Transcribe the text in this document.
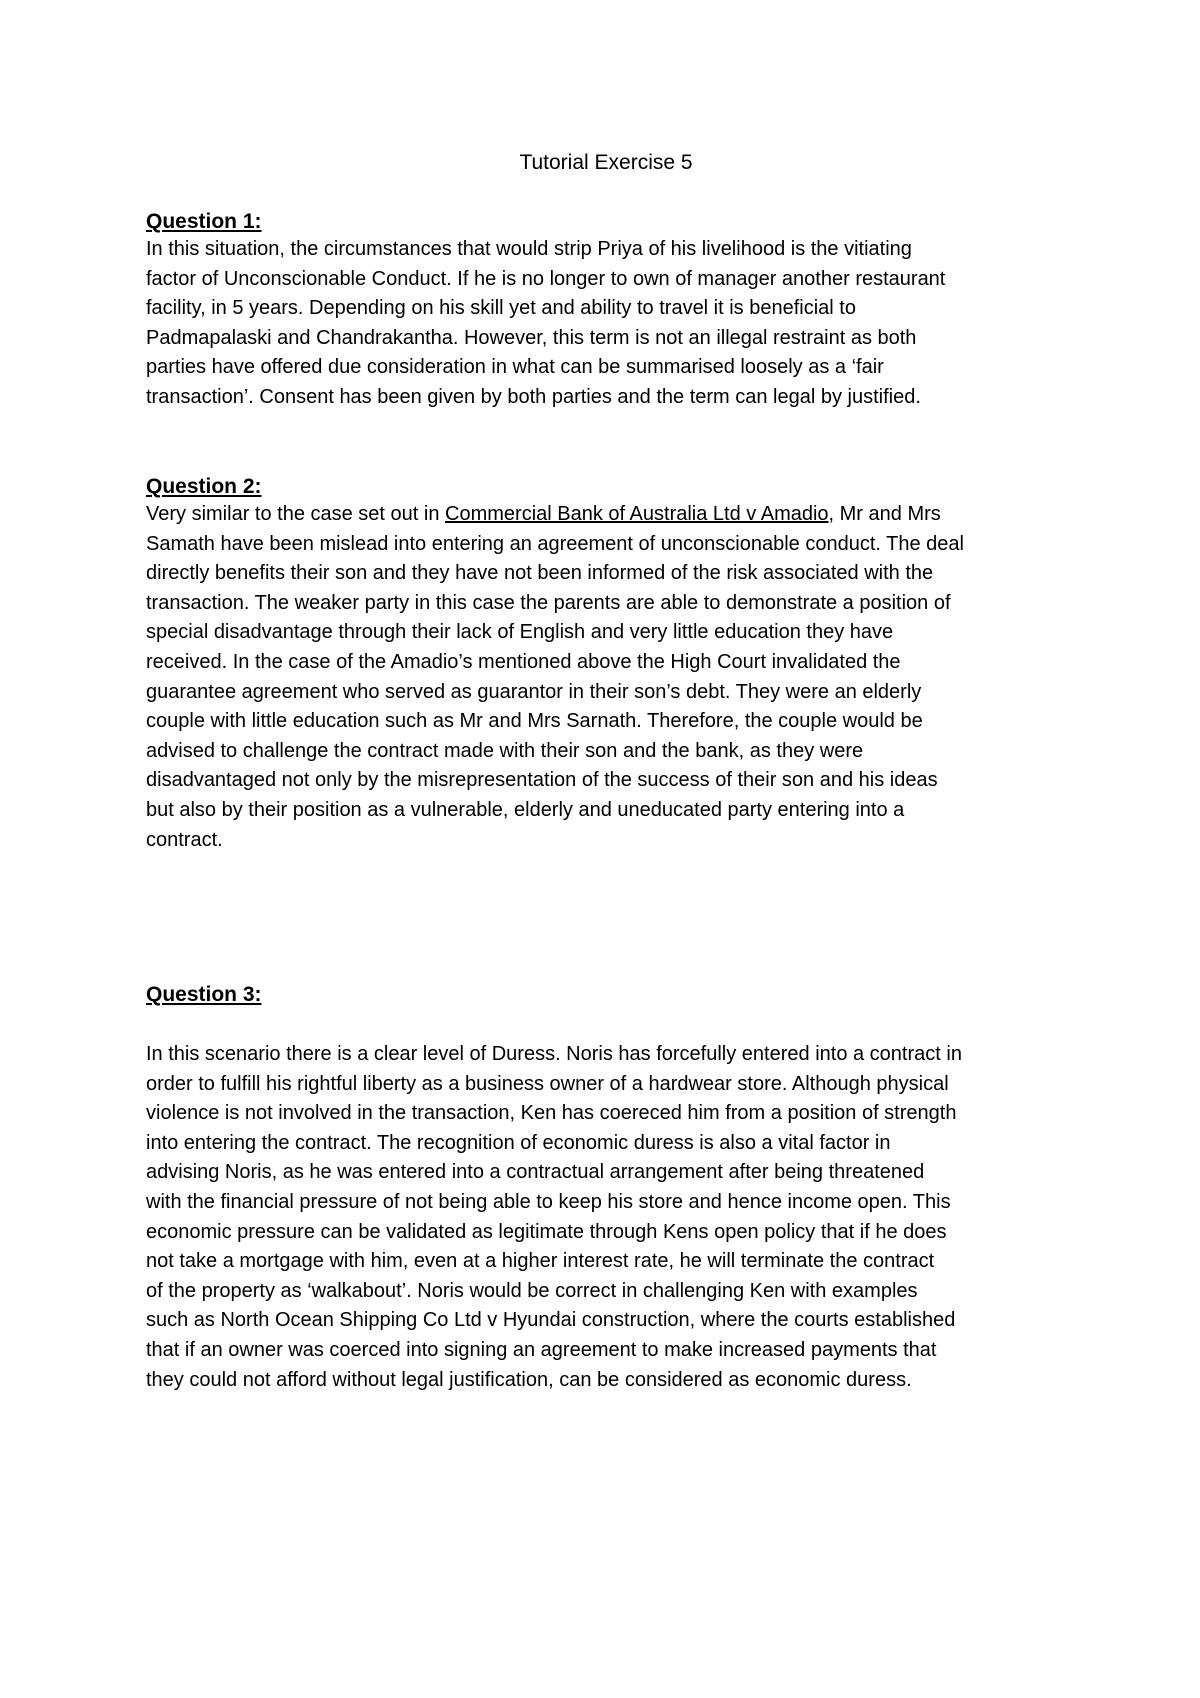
Tutorial Exercise 5

Question 1:

In this situation, the circumstances that would strip Priya of his livelihood is the vitiating
factor of Unconscionable Conduct. If he is no longer to own of manager another restaurant
facility, in 5 years. Depending on his skill yet and ability to travel it is beneficial to
Padmapalaski and Chandrakantha. However, this term is not an illegal restraint as both
parties have offered due consideration in what can be summarised loosely as a ‘fair
transaction’. Consent has been given by both parties and the term can legal by justified.

Question 2:

Very similar to the case set out in Commercial Bank of Australia Ltd v Amadio, Mr and Mrs
Samath have been mislead into entering an agreement of unconscionable conduct. The deal
directly benefits their son and they have not been informed of the risk associated with the
transaction. The weaker party in this case the parents are able to demonstrate a position of
special disadvantage through their lack of English and very little education they have
received. In the case of the Amadio’s mentioned above the High Court invalidated the
guarantee agreement who served as guarantor in their son’s debt. They were an elderly
couple with little education such as Mr and Mrs Sarnath. Therefore, the couple would be
advised to challenge the contract made with their son and the bank, as they were
disadvantaged not only by the misrepresentation of the success of their son and his ideas
but also by their position as a vulnerable, elderly and uneducated party entering into a
contract.

Question 3:

In this scenario there is a clear level of Duress. Noris has forcefully entered into a contract in
order to fulfill his rightful liberty as a business owner of a hardwear store. Although physical
violence is not involved in the transaction, Ken has coereced him from a position of strength
into entering the contract. The recognition of economic duress is also a vital factor in
advising Noris, as he was entered into a contractual arrangement after being threatened
with the financial pressure of not being able to keep his store and hence income open. This
economic pressure can be validated as legitimate through Kens open policy that if he does
not take a mortgage with him, even at a higher interest rate, he will terminate the contract
of the property as ‘walkabout’. Noris would be correct in challenging Ken with examples
such as North Ocean Shipping Co Ltd v Hyundai construction, where the courts established
that if an owner was coerced into signing an agreement to make increased payments that
they could not afford without legal justification, can be considered as economic duress.
